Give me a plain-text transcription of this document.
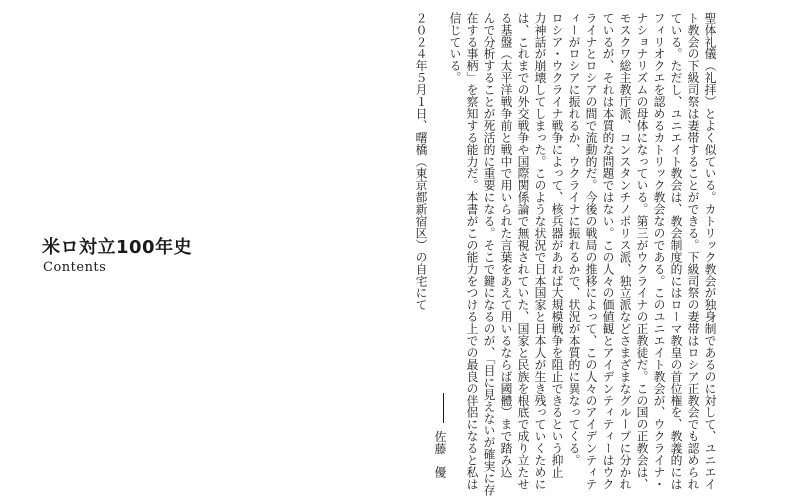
米ロ対立100年史
Contents	聖体礼儀（礼拝）とよく似ている。カトリック教会が独身制であるのに対して、ユニエイ
ト教会の下級司祭は妻帯することができる。下級司祭の妻帯はロシア正教会でも認められ
ている。ただし、ユニエイト教会は、教会制度的にはローマ教皇の首位権を、教義的には
フィリオクエを認めるカトリック教会なのである。このユニエイト教会が、ウクライナ・
ナショナリズムの母体になっている。第三がウクライナの正教徒だ。この国の正教会は、
モスクワ総主教庁派、コンスタンチノポリス派、独立派などさまざまなグループに分かれ
ているが、それは本質的な問題ではない。この人々の価値観とアイデンティティーはウク
ライナとロシアの間で流動的だ。今後の戦局の推移によって、この人々のアイデンティテ
ィーがロシアに振れるか、ウクライナに振れるかで、状況が本質的に異なってくる。
ロシア・ウクライナ戦争によって、核兵器があれば大規模戦争を阻止できるという抑止
力神話が崩壊してしまった。このような状況で日本国家と日本人が生き残っていくために
は、これまでの外交戦争や国際関係論で無視されていた、国家と民族を根底で成り立たせ
る基盤（太平洋戦争前と戦中で用いられた言葉をあえて用いるならば國體）まで踏み込
んで分析することが死活的に重要になる。そこで鍵になるのが、「目に見えないが確実に存
在する事柄」を察知する能力だ。本書がこの能力をつける上での最良の伴侶になると私は
信じている。
２０２４年５月１日、曙橋（東京都新宿区）の自宅にて
佐藤　優
